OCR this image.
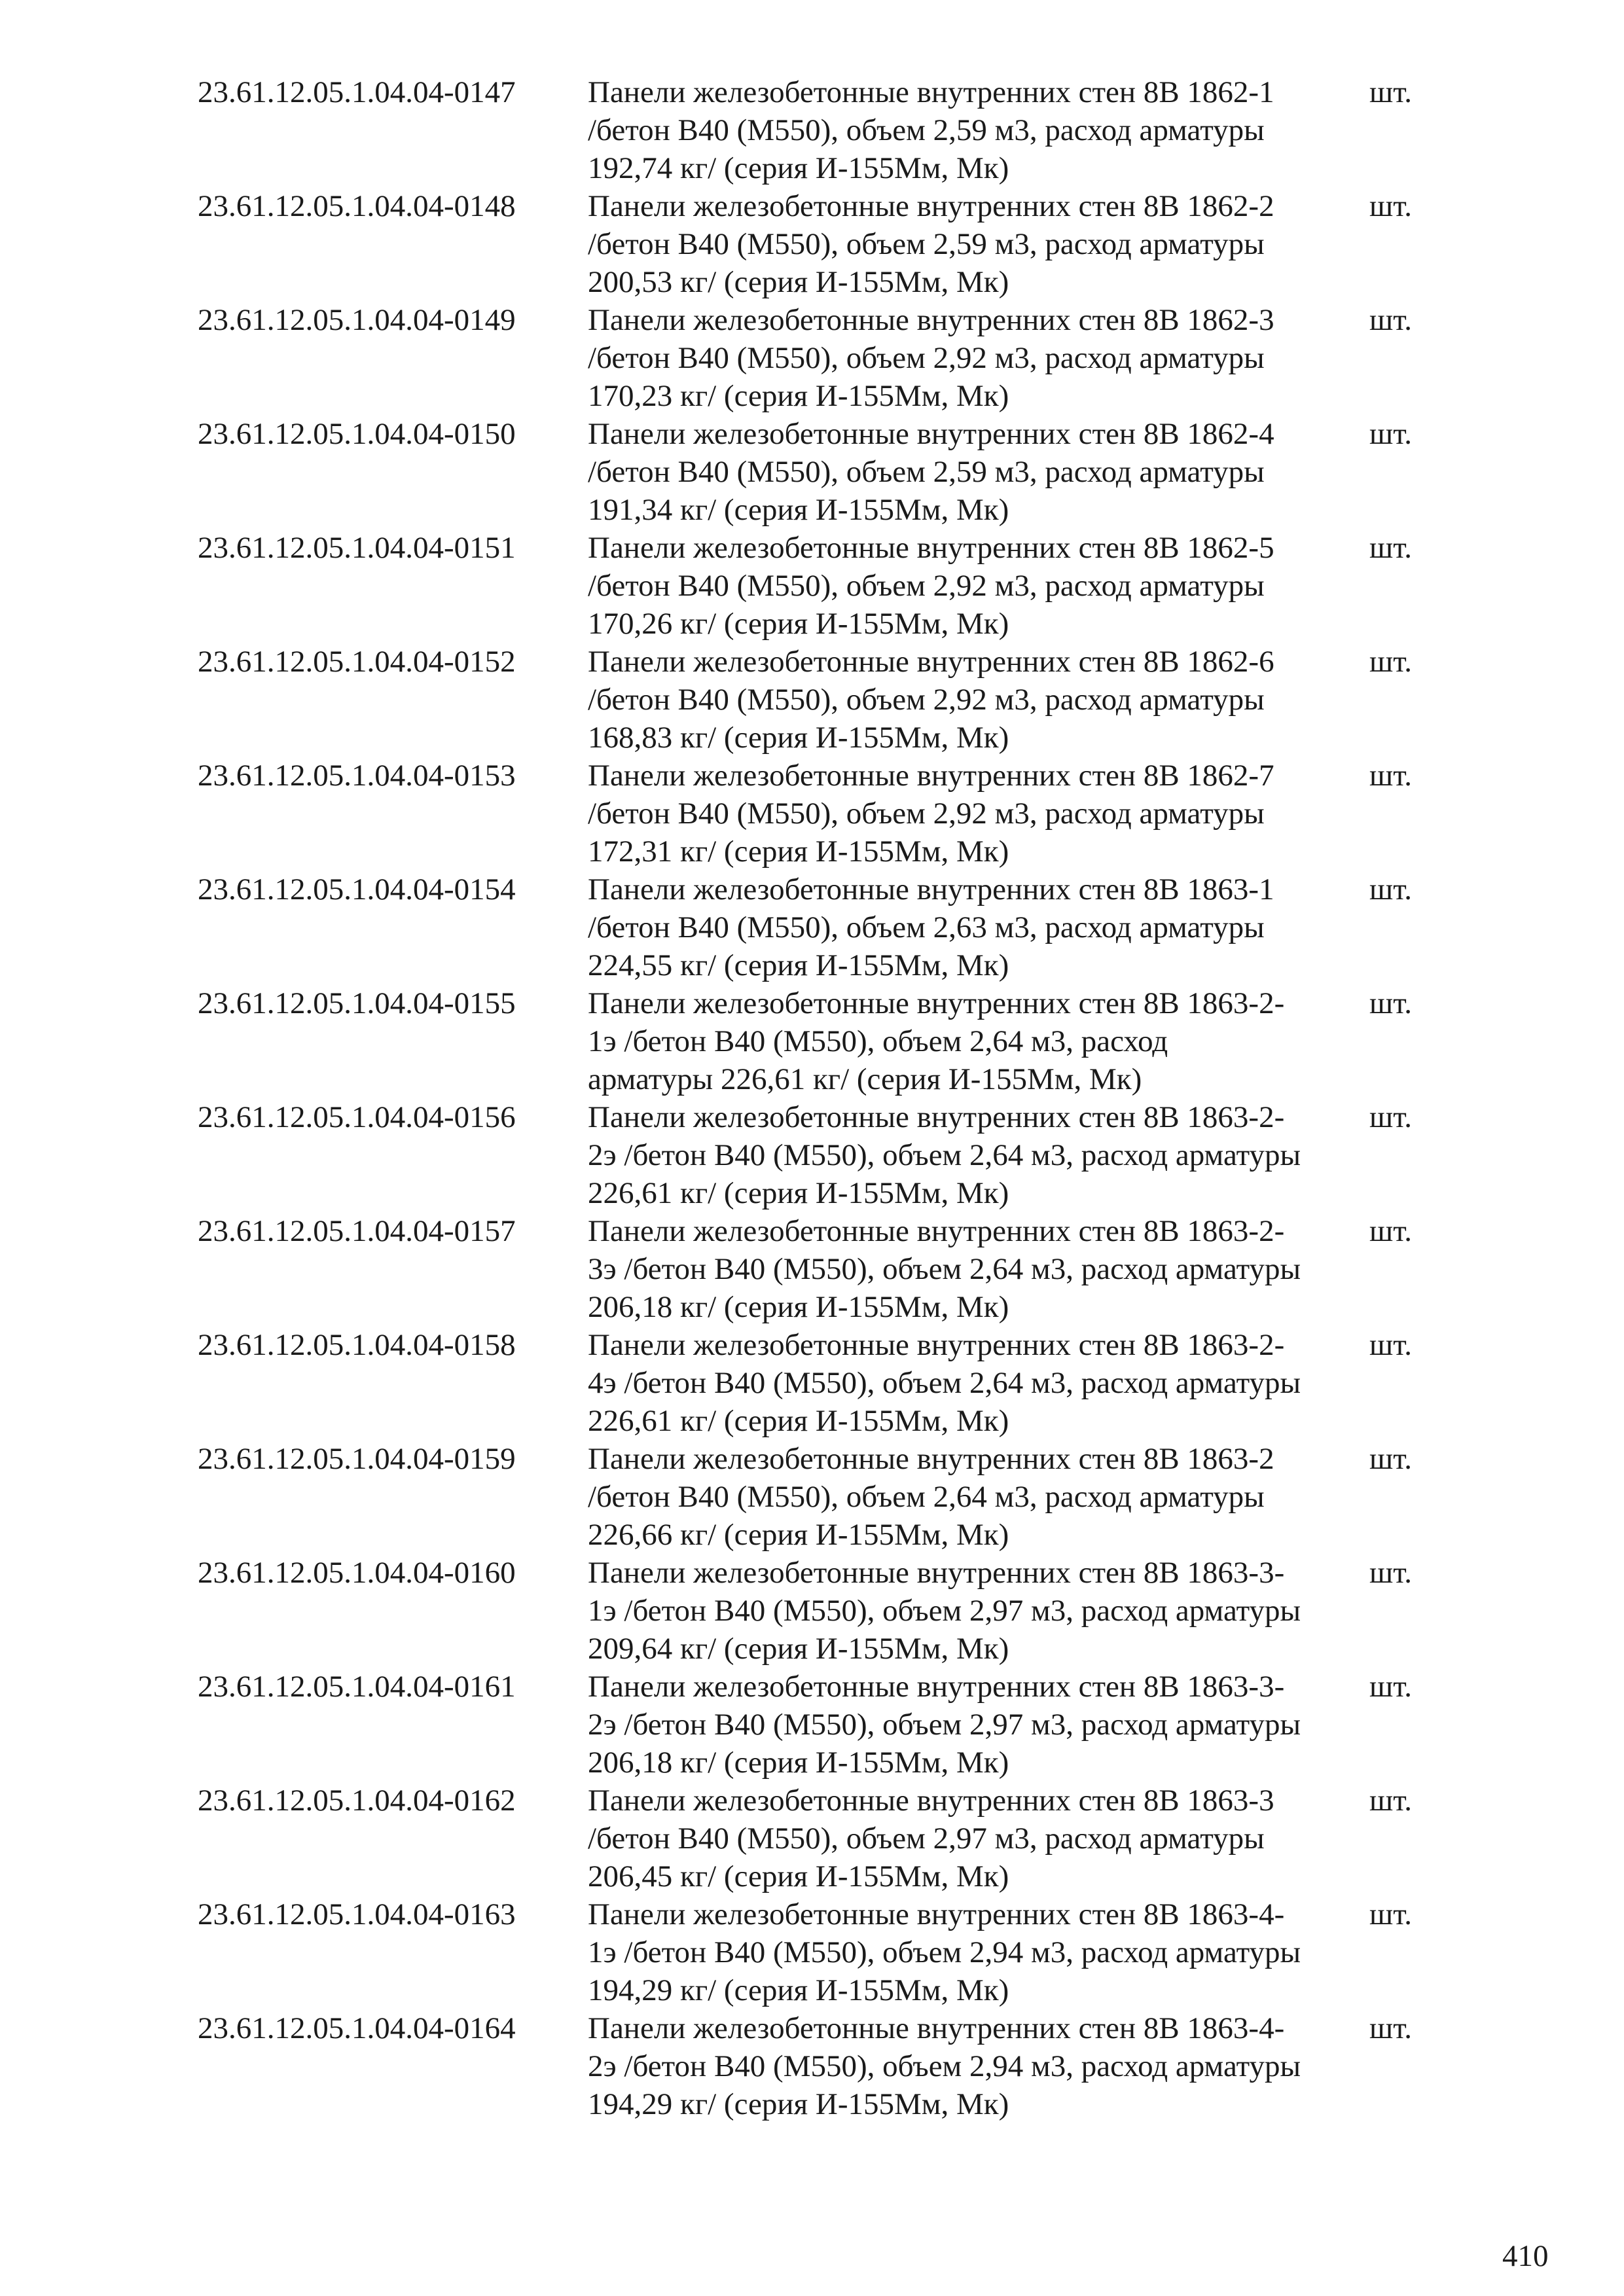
23.61.12.05.1.04.04-0147 Панели железобетонные внутренних стен 8В 1862-1
/бетон В40 (М550), объем 2,59 м3, расход арматуры
192,74 кг/ (серия И-155Мм, Мк)
шт.
23.61.12.05.1.04.04-0148 Панели железобетонные внутренних стен 8В 1862-2
/бетон В40 (М550), объем 2,59 м3, расход арматуры
200,53 кг/ (серия И-155Мм, Мк)
шт.
23.61.12.05.1.04.04-0149 Панели железобетонные внутренних стен 8В 1862-3
/бетон В40 (М550), объем 2,92 м3, расход арматуры
170,23 кг/ (серия И-155Мм, Мк)
шт.
23.61.12.05.1.04.04-0150 Панели железобетонные внутренних стен 8В 1862-4
/бетон В40 (М550), объем 2,59 м3, расход арматуры
191,34 кг/ (серия И-155Мм, Мк)
шт.
23.61.12.05.1.04.04-0151 Панели железобетонные внутренних стен 8В 1862-5
/бетон В40 (М550), объем 2,92 м3, расход арматуры
170,26 кг/ (серия И-155Мм, Мк)
шт.
23.61.12.05.1.04.04-0152 Панели железобетонные внутренних стен 8В 1862-6
/бетон В40 (М550), объем 2,92 м3, расход арматуры
168,83 кг/ (серия И-155Мм, Мк)
шт.
23.61.12.05.1.04.04-0153 Панели железобетонные внутренних стен 8В 1862-7
/бетон В40 (М550), объем 2,92 м3, расход арматуры
172,31 кг/ (серия И-155Мм, Мк)
шт.
23.61.12.05.1.04.04-0154 Панели железобетонные внутренних стен 8В 1863-1
/бетон В40 (М550), объем 2,63 м3, расход арматуры
224,55 кг/ (серия И-155Мм, Мк)
шт.
23.61.12.05.1.04.04-0155 Панели железобетонные внутренних стен 8В 1863-2-
1э /бетон В40 (М550), объем 2,64 м3, расход
арматуры 226,61 кг/ (серия И-155Мм, Мк)
шт.
23.61.12.05.1.04.04-0156 Панели железобетонные внутренних стен 8В 1863-2-
2э /бетон В40 (М550), объем 2,64 м3, расход арматуры
226,61 кг/ (серия И-155Мм, Мк)
шт.
23.61.12.05.1.04.04-0157 Панели железобетонные внутренних стен 8В 1863-2-
3э /бетон В40 (М550), объем 2,64 м3, расход арматуры
206,18 кг/ (серия И-155Мм, Мк)
шт.
23.61.12.05.1.04.04-0158 Панели железобетонные внутренних стен 8В 1863-2-
4э /бетон В40 (М550), объем 2,64 м3, расход арматуры
226,61 кг/ (серия И-155Мм, Мк)
шт.
23.61.12.05.1.04.04-0159 Панели железобетонные внутренних стен 8В 1863-2
/бетон В40 (М550), объем 2,64 м3, расход арматуры
226,66 кг/ (серия И-155Мм, Мк)
шт.
23.61.12.05.1.04.04-0160 Панели железобетонные внутренних стен 8В 1863-3-
1э /бетон В40 (М550), объем 2,97 м3, расход арматуры
209,64 кг/ (серия И-155Мм, Мк)
шт.
23.61.12.05.1.04.04-0161 Панели железобетонные внутренних стен 8В 1863-3-
2э /бетон В40 (М550), объем 2,97 м3, расход арматуры
206,18 кг/ (серия И-155Мм, Мк)
шт.
23.61.12.05.1.04.04-0162 Панели железобетонные внутренних стен 8В 1863-3
/бетон В40 (М550), объем 2,97 м3, расход арматуры
206,45 кг/ (серия И-155Мм, Мк)
шт.
23.61.12.05.1.04.04-0163 Панели железобетонные внутренних стен 8В 1863-4-
1э /бетон В40 (М550), объем 2,94 м3, расход арматуры
194,29 кг/ (серия И-155Мм, Мк)
шт.
23.61.12.05.1.04.04-0164 Панели железобетонные внутренних стен 8В 1863-4-
2э /бетон В40 (М550), объем 2,94 м3, расход арматуры
194,29 кг/ (серия И-155Мм, Мк)
шт.
410
